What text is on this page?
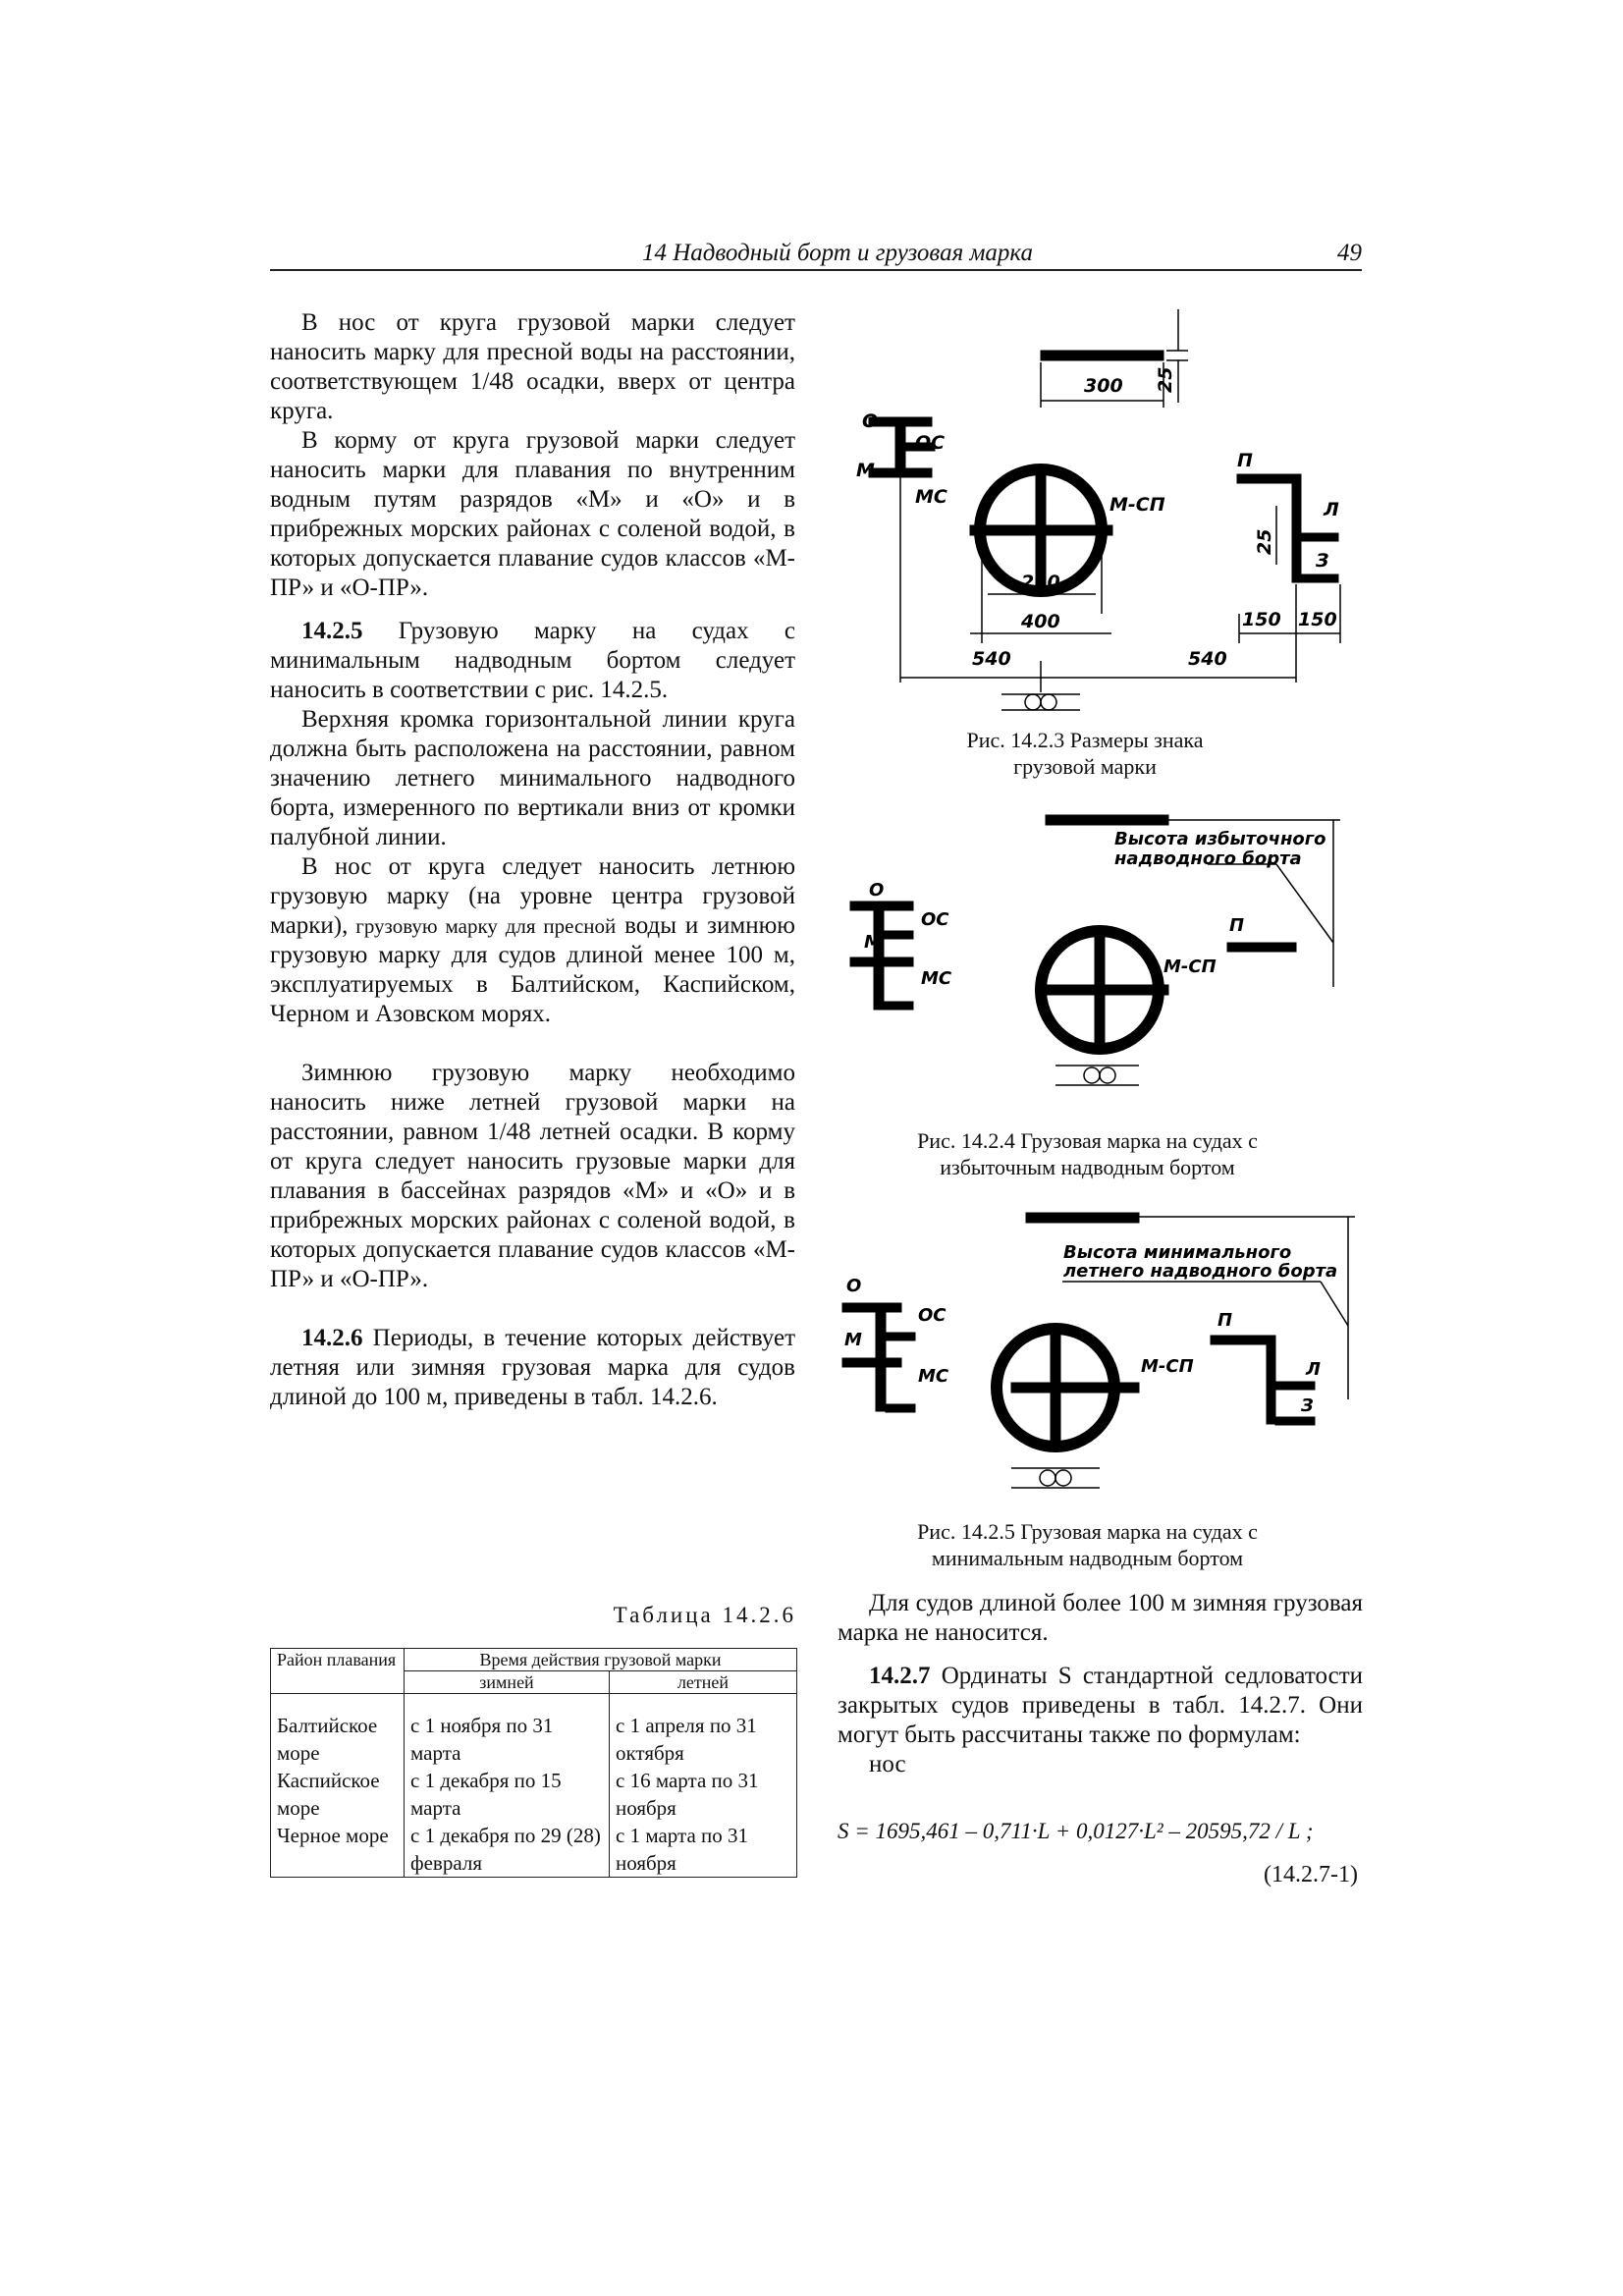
14 Надводный борт и грузовая марка	49

В нос от круга грузовой марки следует наносить марку для пресной воды на расстоянии, соответствующем 1/48 осадки, вверх от центра круга.

В корму от круга грузовой марки следует наносить марки для плавания по внутренним водным путям разрядов «М» и «О» и в прибрежных морских районах с соленой водой, в которых допускается плавание судов классов «М-ПР» и «О-ПР».

14.2.5 Грузовую марку на судах с минимальным надводным бортом следует наносить в соответствии с рис. 14.2.5.

Верхняя кромка горизонтальной линии круга должна быть расположена на расстоянии, равном значению летнего минимального надводного борта, измеренного по вертикали вниз от кромки палубной линии.

В нос от круга следует наносить летнюю грузовую марку (на уровне центра грузовой марки), грузовую марку для пресной воды и зимнюю грузовую марку для судов длиной менее 100 м, эксплуатируемых в Балтийском, Каспийском, Черном и Азовском морях.

Зимнюю грузовую марку необходимо наносить ниже летней грузовой марки на расстоянии, равном 1/48 летней осадки. В корму от круга следует наносить грузовые марки для плавания в бассейнах разрядов «М» и «О» и в прибрежных морских районах с соленой водой, в которых допускается плавание судов классов «М-ПР» и «О-ПР».

14.2.6 Периоды, в течение которых действует летняя или зимняя грузовая марка для судов длиной до 100 м, приведены в табл. 14.2.6.

Таблица 14.2.6
Район плавания	Время действия грузовой марки	
	зимней	летней
Балтийское море	с 1 ноября по 31 марта	с 1 апреля по 31 октября
Каспийское море	с 1 декабря по 15 марта	с 16 марта по 31 ноября
Черное море	с 1 декабря по 29 (28) февраля	с 1 марта по 31 ноября
300 25
О
М
ОС
МС	М-СП
П
Л
З
250
400
540	540
25
150 150
Рис. 14.2.3 Размеры знака грузовой марки
Высота избыточного
надводного борта
О
М
ОС
МС
М-СП
П
Рис. 14.2.4 Грузовая марка на судах с избыточным надводным бортом
Высота минимального
летнего надводного борта
О
М
ОС
МС	М-СП
П
Л
З
Рис. 14.2.5 Грузовая марка на судах с минимальным надводным бортом

Для судов длиной более 100 м зимняя грузовая марка не наносится.

14.2.7 Ординаты S стандартной седловатости закрытых судов приведены в табл. 14.2.7. Они могут быть рассчитаны также по формулам:

нос

S = 1695,461 – 0,711·L + 0,0127·L² – 20595,72 / L ;
(14.2.7-1)
